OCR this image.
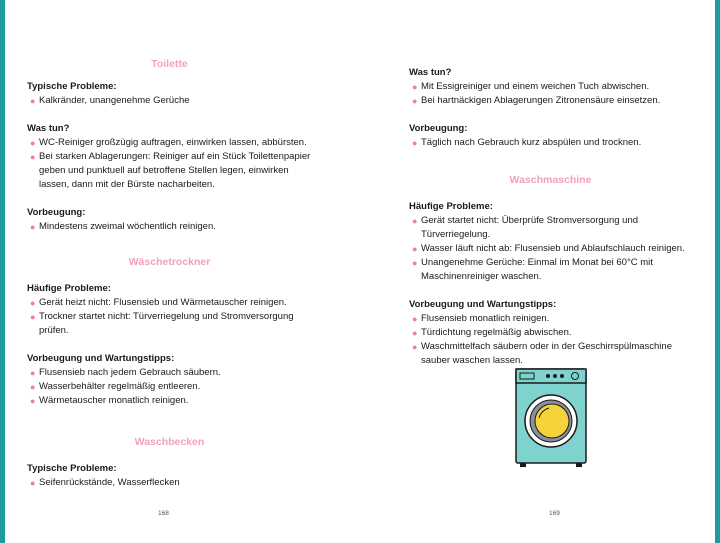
Toilette
Typische Probleme:
● Kalkränder, unangenehme Gerüche
Was tun?
● WC-Reiniger großzügig auftragen, einwirken lassen, abbürsten.
● Bei starken Ablagerungen: Reiniger auf ein Stück Toilettenpapier geben und punktuell auf betroffene Stellen legen, einwirken lassen, dann mit der Bürste nacharbeiten.
Vorbeugung:
● Mindestens zweimal wöchentlich reinigen.
Wäschetrockner
Häufige Probleme:
● Gerät heizt nicht: Flusensieb und Wärmetauscher reinigen.
● Trockner startet nicht: Türverriegelung und Stromversorgung prüfen.
Vorbeugung und Wartungstipps:
● Flusensieb nach jedem Gebrauch säubern.
● Wasserbehälter regelmäßig entleeren.
● Wärmetauscher monatlich reinigen.
Waschbecken
Typische Probleme:
● Seifenrückstände, Wasserflecken
Was tun?
● Mit Essigreiniger und einem weichen Tuch abwischen.
● Bei hartnäckigen Ablagerungen Zitronensäure einsetzen.
Vorbeugung:
● Täglich nach Gebrauch kurz abspülen und trocknen.
Waschmaschine
Häufige Probleme:
● Gerät startet nicht: Überprüfe Stromversorgung und Türverriegelung.
● Wasser läuft nicht ab: Flusensieb und Ablaufschlauch reinigen.
● Unangenehme Gerüche: Einmal im Monat bei 60°C mit Maschinenreiniger waschen.
Vorbeugung und Wartungstipps:
● Flusensieb monatlich reinigen.
● Türdichtung regelmäßig abwischen.
● Waschmittelfach säubern oder in der Geschirrspülmaschine sauber waschen lassen.
168	169
